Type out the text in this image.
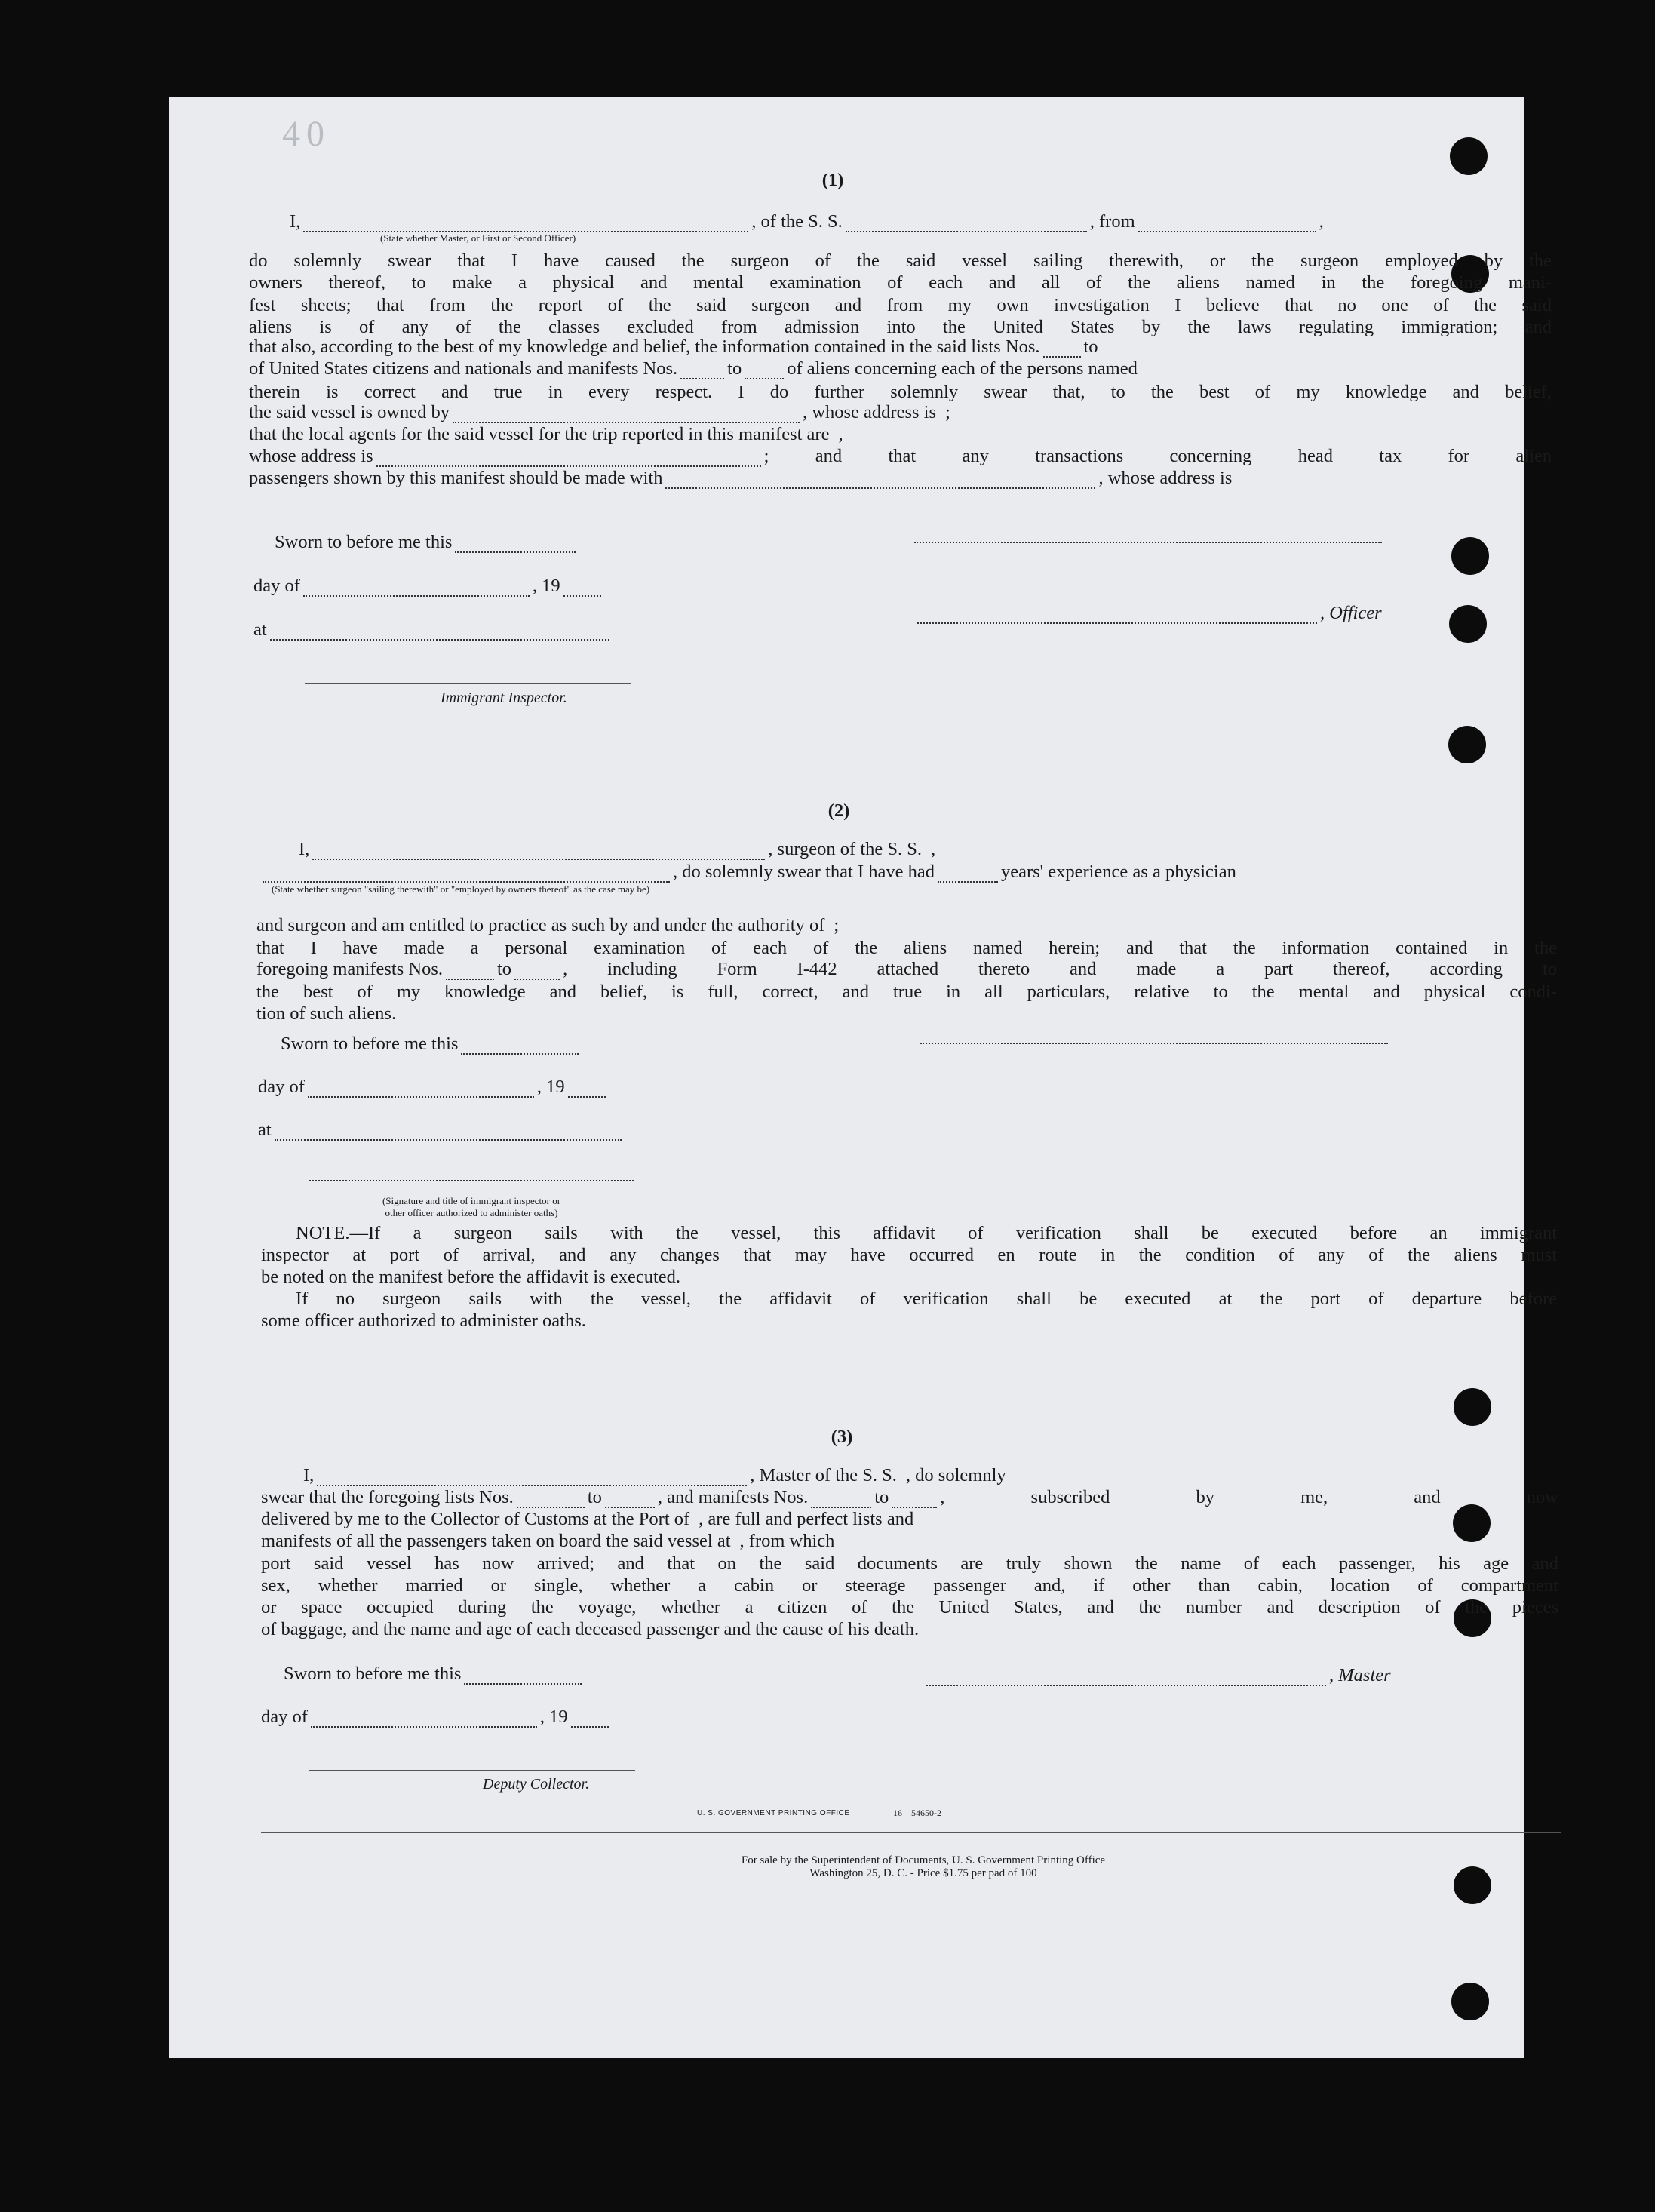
40
(1)
I,	, of the S. S.	, from	,
(State whether Master, or First or Second Officer)
do solemnly swear that I have caused the surgeon of the said vessel sailing therewith, or the surgeon employed by the
owners thereof, to make a physical and mental examination of each and all of the aliens named in the foregoing mani-
fest sheets; that from the report of the said surgeon and from my own investigation I believe that no one of the said
aliens is of any of the classes excluded from admission into the United States by the laws regulating immigration; and
that also, according to the best of my knowledge and belief, the information contained in the said lists Nos. to
of United States citizens and nationals and manifests Nos.	to of aliens concerning each of the persons named
therein is correct and true in every respect. I do further solemnly swear that, to the best of my knowledge and belief,
the said vessel is owned by	, whose address is ;
that the local agents for the said vessel for the trip reported in this manifest are ,
whose address is	; and that any transactions concerning head tax for alien
passengers shown by this manifest should be made with	, whose address is
Sworn to before me this
day of	, 19
, Officer
at
Immigrant Inspector.
(2)
I,	, surgeon of the S. S. ,
, do solemnly swear that I have had	years' experience as a physician
(State whether surgeon "sailing therewith" or "employed by owners thereof" as the case may be)
and surgeon and am entitled to practice as such by and under the authority of ;
that I have made a personal examination of each of the aliens named herein; and that the information contained in the
foregoing manifests Nos.	to	, including Form I-442 attached thereto and made a part thereof, according to
the best of my knowledge and belief, is full, correct, and true in all particulars, relative to the mental and physical condi-
tion of such aliens.
Sworn to before me this
day of	, 19
at
(Signature and title of immigrant inspector or
other officer authorized to administer oaths)
NOTE.—If a surgeon sails with the vessel, this affidavit of verification shall be executed before an immigrant
inspector at port of arrival, and any changes that may have occurred en route in the condition of any of the aliens must
be noted on the manifest before the affidavit is executed.
If no surgeon sails with the vessel, the affidavit of verification shall be executed at the port of departure before
some officer authorized to administer oaths.
(3)
I,	, Master of the S. S. , do solemnly
swear that the foregoing lists Nos.	to	, and manifests Nos.	to	, subscribed by me, and now
delivered by me to the Collector of Customs at the Port of , are full and perfect lists and
manifests of all the passengers taken on board the said vessel at , from which
port said vessel has now arrived; and that on the said documents are truly shown the name of each passenger, his age and
sex, whether married or single, whether a cabin or steerage passenger and, if other than cabin, location of compartment
or space occupied during the voyage, whether a citizen of the United States, and the number and description of the pieces
of baggage, and the name and age of each deceased passenger and the cause of his death.
Sworn to before me this	, Master
day of	, 19
Deputy Collector.
U. S. GOVERNMENT PRINTING OFFICE	16—54650-2
For sale by the Superintendent of Documents, U. S. Government Printing Office
Washington 25, D. C. - Price $1.75 per pad of 100
